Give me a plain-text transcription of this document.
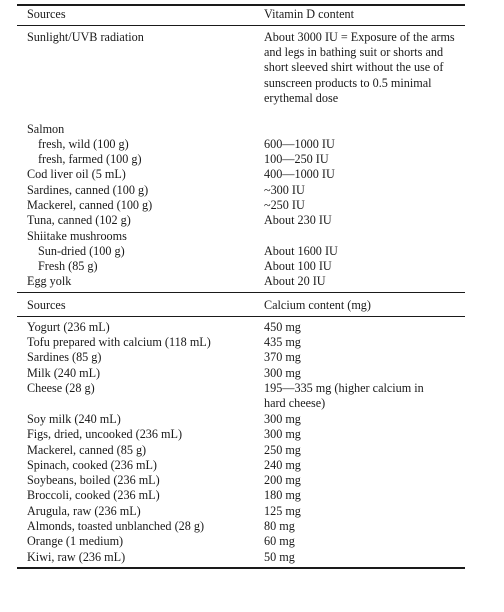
Sources	Vitamin D content
Sunlight/UVB radiation	About 3000 IU = Exposure of the arms and legs in bathing suit or shorts and short sleeved shirt without the use of sunscreen products to 0.5 minimal erythemal dose
Salmon
fresh, wild (100 g)	600—1000 IU
fresh, farmed (100 g)	100—250 IU
Cod liver oil (5 mL)	400—1000 IU
Sardines, canned (100 g)	~300 IU
Mackerel, canned (100 g)	~250 IU
Tuna, canned (102 g)	About 230 IU
Shiitake mushrooms
Sun-dried (100 g)	About 1600 IU
Fresh (85 g)	About 100 IU
Egg yolk	About 20 IU
Sources	Calcium content (mg)
Yogurt (236 mL)	450 mg
Tofu prepared with calcium (118 mL)	435 mg
Sardines (85 g)	370 mg
Milk (240 mL)	300 mg
Cheese (28 g)	195—335 mg (higher calcium in hard cheese)
Soy milk (240 mL)	300 mg
Figs, dried, uncooked (236 mL)	300 mg
Mackerel, canned (85 g)	250 mg
Spinach, cooked (236 mL)	240 mg
Soybeans, boiled (236 mL)	200 mg
Broccoli, cooked (236 mL)	180 mg
Arugula, raw (236 mL)	125 mg
Almonds, toasted unblanched (28 g)	80 mg
Orange (1 medium)	60 mg
Kiwi, raw (236 mL)	50 mg
